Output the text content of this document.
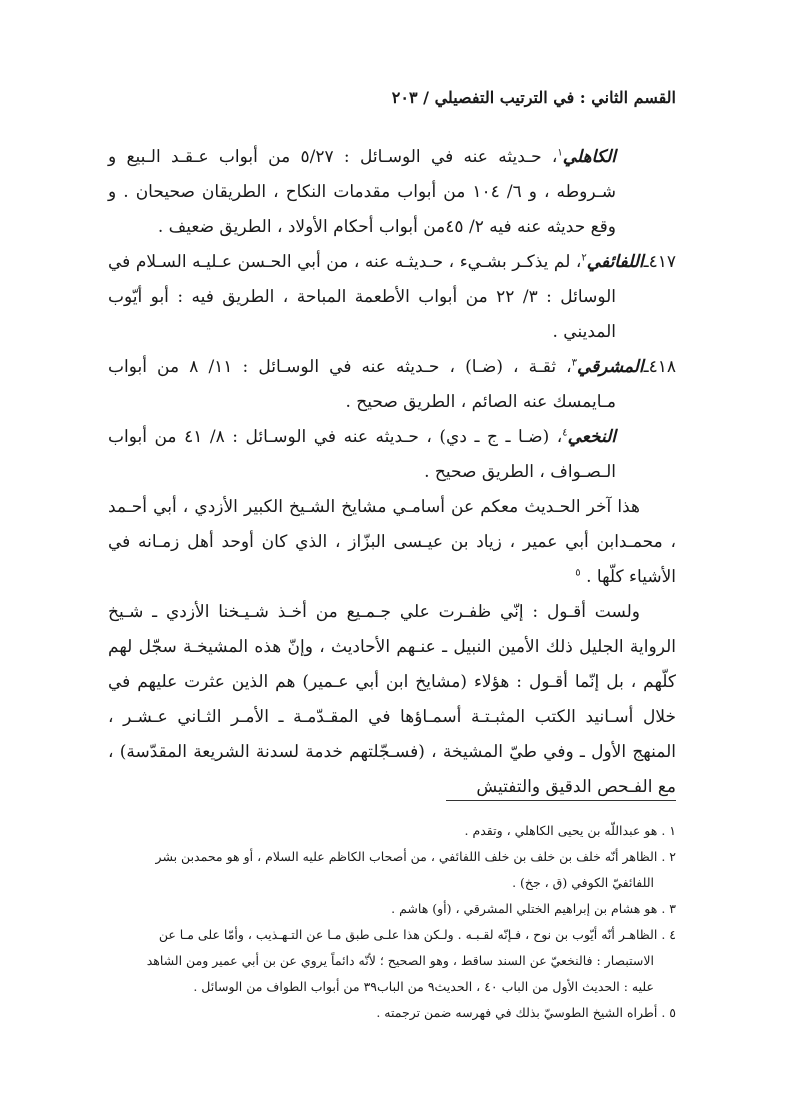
القسم الثاني : في الترتيب التفصيلي / ٢٠٣

الكاهلي$^١$، حـديثه عنه في الوسـائل : ٥/٢٧ من أبواب عـقـد الـبيع و شـروطه ، و ٦/ ١٠٤ من أبواب مقدمات النكاح ، الطريقان صحيحان . و وقع حديثه عنه فيه ٢/ ٤٥من أبواب أحكام الأولاد ، الطريق ضعيف .

٤١٧ـاللفائفي$^٢$، لم يذكـر بشـيء ، حـديثـه عنه ، من أبي الحـسن عـليـه السـلام في الوسائل : ٣/ ٢٢ من أبواب الأطعمة المباحة ، الطريق فيه : أبو أيّوب المديني .

٤١٨ـالمشرقي$^٣$، ثقـة ، (ضـا) ، حـديثه عنه في الوسـائل : ١١/ ٨ من أبواب مـايمسك عنه الصائم ، الطريق صحيح .

النخعي$^٤$، (ضـا ـ ج ـ دي) ، حـديثه عنه في الوسـائل : ٨/ ٤١ من أبواب الـصـواف ، الطريق صحيح .

هذا آخر الحـديث معكم عن أسامـي مشايخ الشـيخ الكبير الأزدي ، أبي أحـمد ، محمـدابن أبي عمير ، زياد بن عيـسى البزّاز ، الذي كان أوحد أهل زمـانه في الأشياء كلّها . $^٥$

ولست أقـول : إنّي ظفـرت علي جـمـيع من أخـذ شـيـخنا الأزدي ـ شـيخ الرواية الجليل ذلك الأمين النبيل ـ عنـهم الأحاديث ، وإنّ هذه المشيخـة سجّل لهم كلّهم ، بل إنّما أقـول : هؤلاء (مشايخ ابن أبي عـمير) هم الذين عثرت عليهم في خلال أسـانيد الكتب المثبـتـة أسمـاؤها في المقـدّمـة ـ الأمـر الثـاني عـشـر ، المنهج الأول ـ وفي طيّ المشيخة ، (فسـجّلتهم خدمة لسدنة الشريعة المقدّسة) ، مع الفـحص الدقيق والتفتيش

١ . هو عبداللّه بن يحيى الكاهلي ، وتقدم .

٢ . الظاهر أنّه خلف بن خلف بن خلف اللفائفي ، من أصحاب الكاظم عليه السلام ، أو هو محمدبن بشر

اللفائفيّ الكوفي (ق ، جخ) .

٣ . هو هشام بن إبراهيم الختلي المشرقي ، (أو) هاشم .

٤ . الظاهـر أنّه أيّوب بن نوح ، فـإنّه لقـبـه . ولـكن هذا علـى طبق مـا عن التـهـذيب ، وأمّا على مـا عن

الاستبصار : فالنخعيّ عن السند ساقط ، وهو الصحيح ؛ لأنّه دائماً يروي عن بن أبي عمير ومن الشاهد

عليه : الحديث الأول من الباب ٤٠ ، الحديث٩ من الباب٣٩ من أبواب الطواف من الوسائل .

٥ . أطراه الشيخ الطوسيّ بذلك في فهرسه ضمن ترجمته .
